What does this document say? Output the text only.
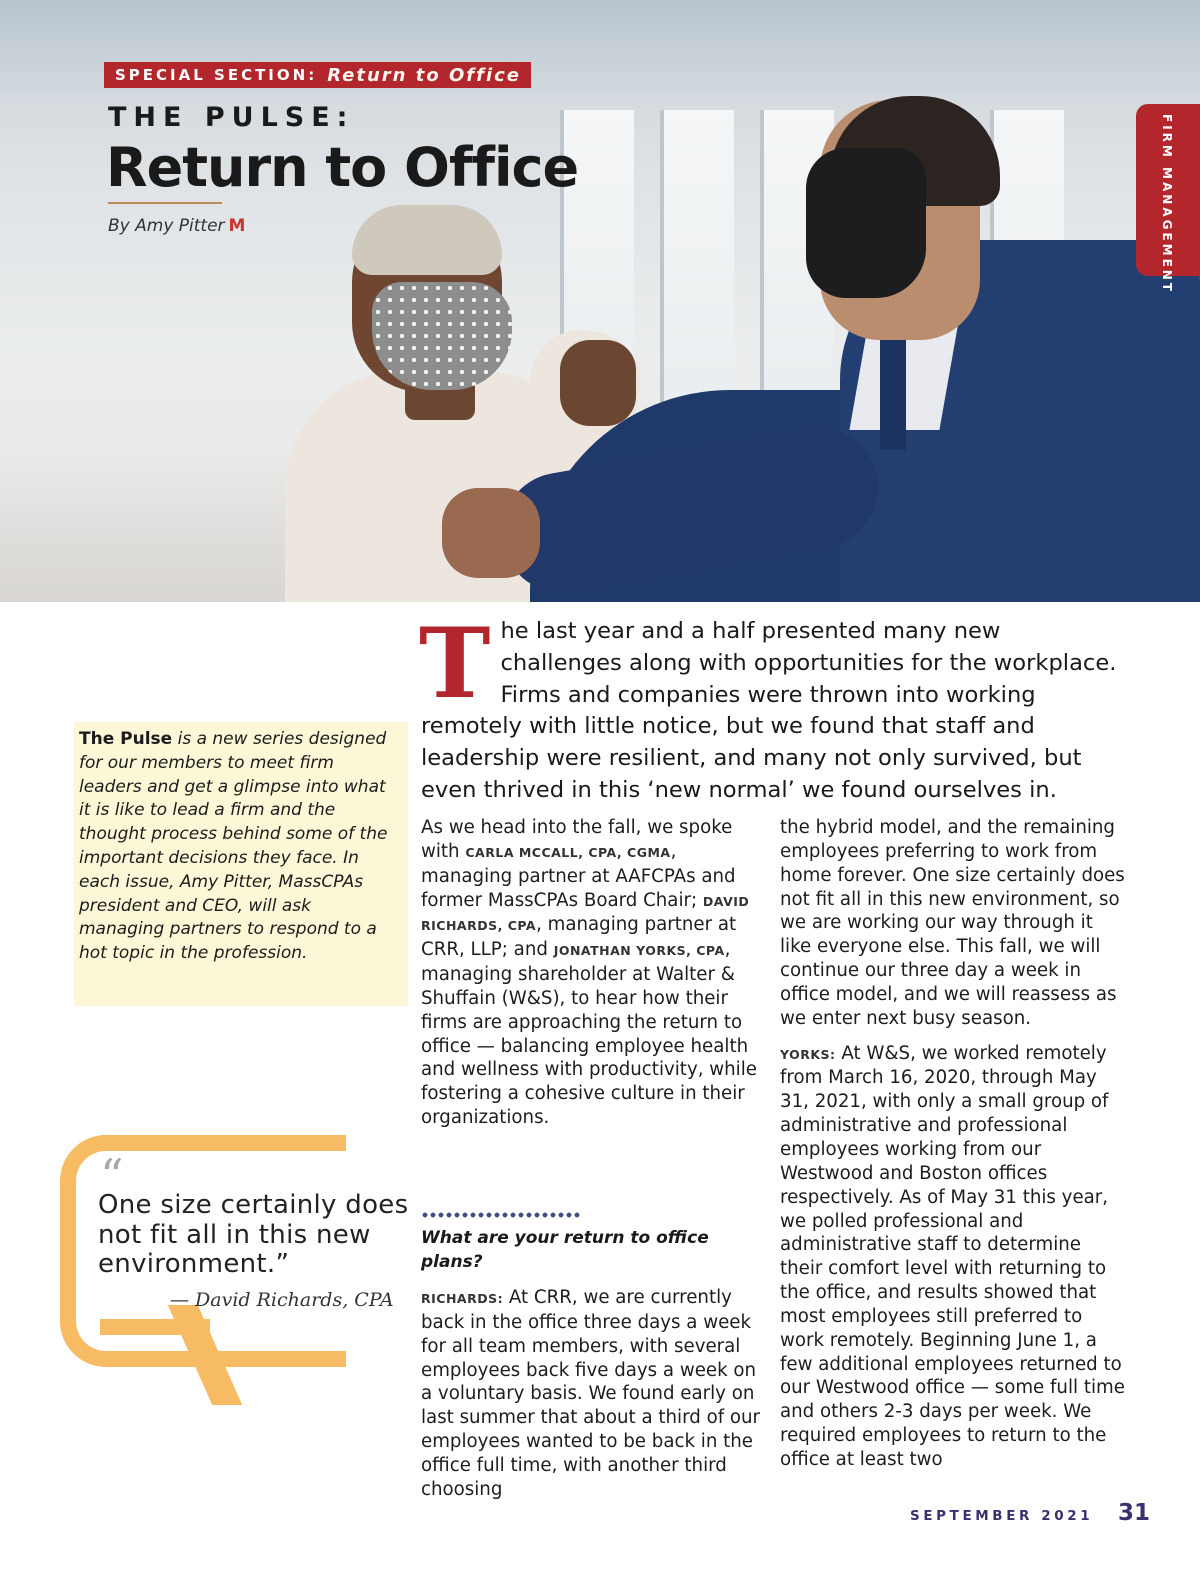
SPECIAL SECTION: Return to Office
THE PULSE:
Return to Office
By Amy Pitter M	FIRM MANAGEMENT
The last year and a half presented many new challenges along with opportunities for the workplace. Firms and companies were thrown into working remotely with little notice, but we found that staff and leadership were resilient, and many not only survived, but even thrived in this ‘new normal’ we found ourselves in.
The Pulse is a new series designed for our members to meet firm leaders and get a glimpse into what it is like to lead a firm and the thought process behind some of the important decisions they face. In each issue, Amy Pitter, MassCPAs president and CEO, will ask managing partners to respond to a hot topic in the profession.
“
One size certainly does not fit all in this new environment.”
— David Richards, CPA

As we head into the fall, we spoke with CARLA MCCALL, CPA, CGMA, managing partner at AAFCPAs and former MassCPAs Board Chair; DAVID RICHARDS, CPA, managing partner at CRR, LLP; and JONATHAN YORKS, CPA, managing shareholder at Walter & Shuffain (W&S), to hear how their firms are approaching the return to office — balancing employee health and wellness with productivity, while fostering a cohesive culture in their organizations.

What are your return to office plans?

RICHARDS: At CRR, we are currently back in the office three days a week for all team members, with several employees back five days a week on a voluntary basis. We found early on last summer that about a third of our employees wanted to be back in the office full time, with another third choosing

the hybrid model, and the remaining employees preferring to work from home forever. One size certainly does not fit all in this new environment, so we are working our way through it like everyone else. This fall, we will continue our three day a week in office model, and we will reassess as we enter next busy season.

YORKS: At W&S, we worked remotely from March 16, 2020, through May 31, 2021, with only a small group of administrative and professional employees working from our Westwood and Boston offices respectively. As of May 31 this year, we polled professional and administrative staff to determine their comfort level with returning to the office, and results showed that most employees still preferred to work remotely. Beginning June 1, a few additional employees returned to our Westwood office — some full time and others 2-3 days per week. We required employees to return to the office at least two

SEPTEMBER 2021 31
